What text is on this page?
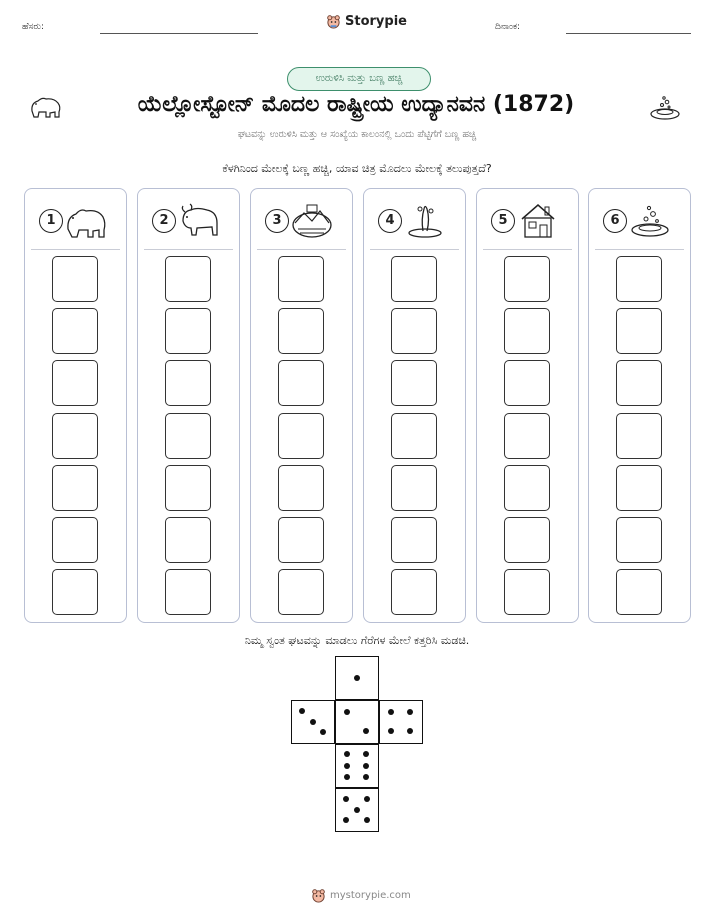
ಹೆಸರು:	Storypie	ದಿನಾಂಕ:
ಉರುಳಿಸಿ ಮತ್ತು ಬಣ್ಣ ಹಚ್ಚಿ
ಯೆಲ್ಲೋಸ್ಟೋನ್ ಮೊದಲ ರಾಷ್ಟ್ರೀಯ ಉದ್ಯಾನವನ (1872)
ಘಟವನ್ನು ಉರುಳಿಸಿ ಮತ್ತು ಆ ಸಂಖ್ಯೆಯ ಕಾಲಂನಲ್ಲಿ ಒಂದು ಪೆಟ್ಟಿಗೆಗೆ ಬಣ್ಣ ಹಚ್ಚಿ
ಕೆಳಗಿನಿಂದ ಮೇಲಕ್ಕೆ ಬಣ್ಣ ಹಚ್ಚಿ, ಯಾವ ಚಿತ್ರ ಮೊದಲು ಮೇಲಕ್ಕೆ ತಲುಪುತ್ತದೆ?
1	2	3	4	5	6
ನಿಮ್ಮ ಸ್ವಂತ ಘಟವನ್ನು ಮಾಡಲು ಗೆರೆಗಳ ಮೇಲೆ ಕತ್ತರಿಸಿ ಮಡಚಿ.
mystorypie.com
